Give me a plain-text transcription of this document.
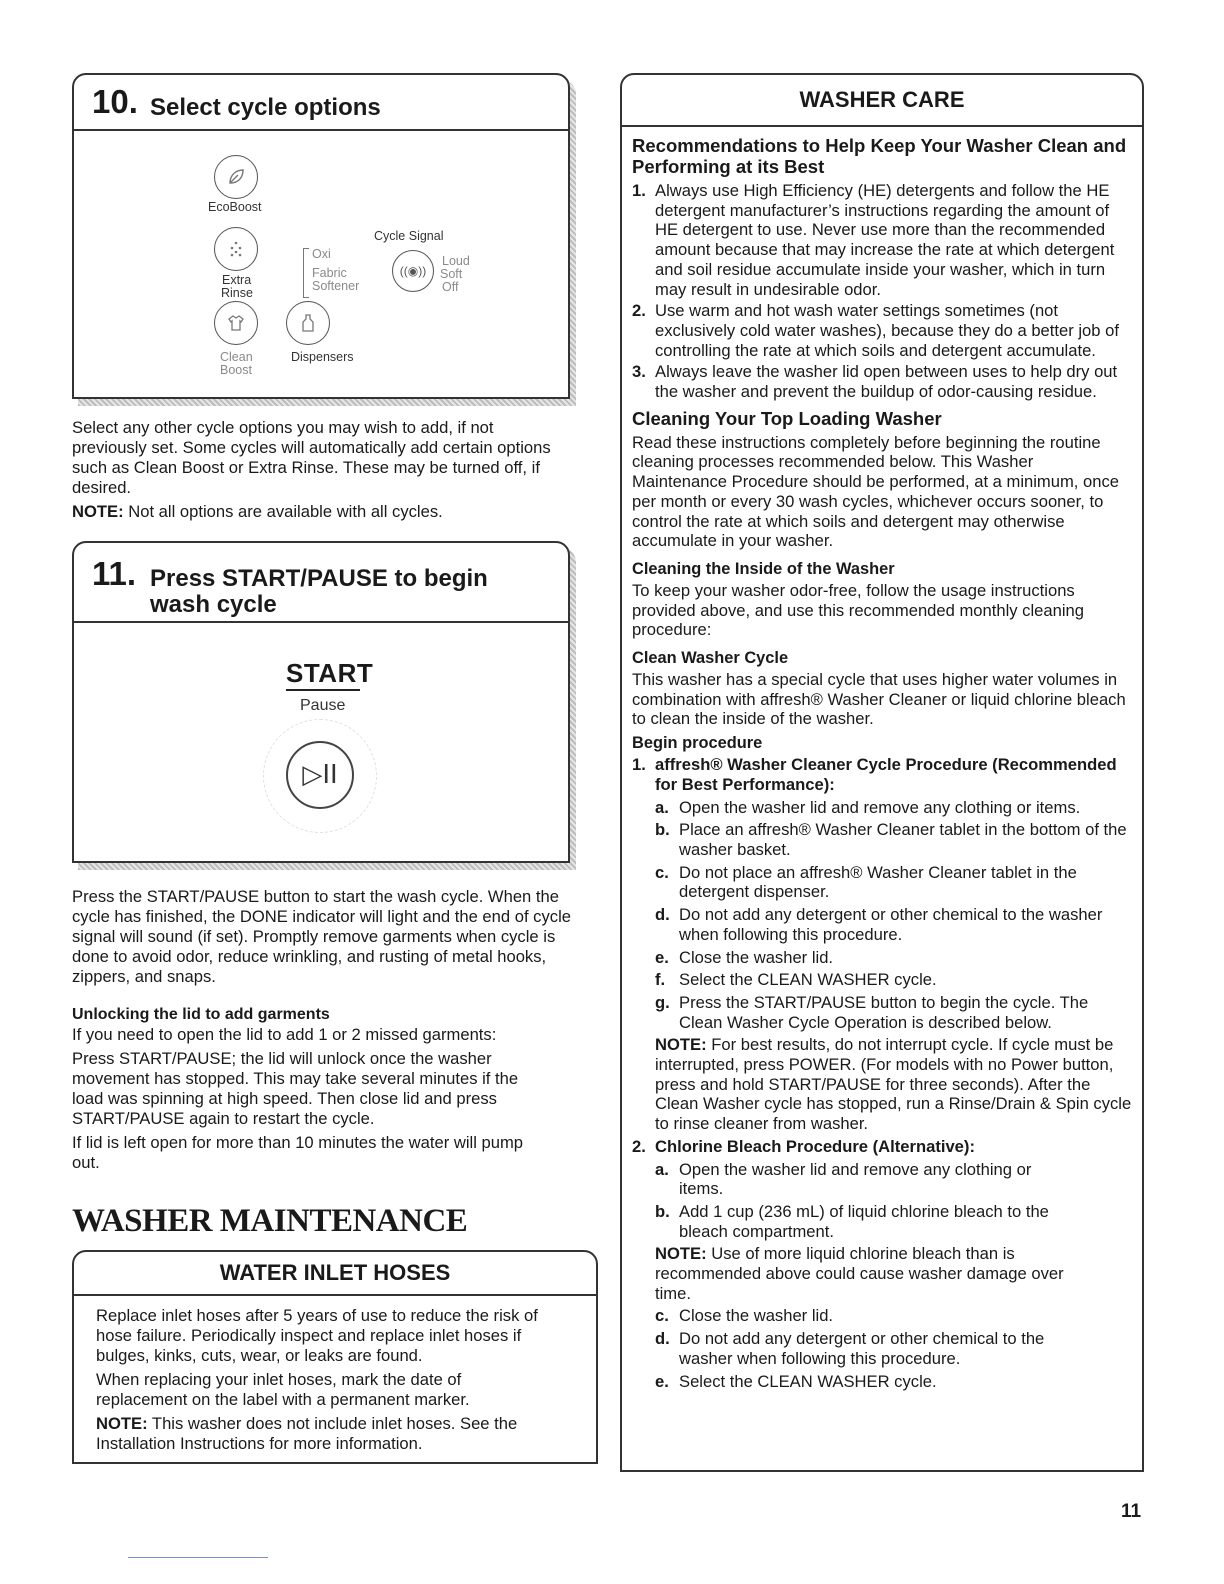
10. Select cycle options
EcoBoost
Extra
Rinse
Clean
Boost
Dispensers
Oxi
Fabric
Softener
Cycle Signal
((◉))
Loud
Soft
Off

Select any other cycle options you may wish to add, if not previously set. Some cycles will automatically add certain options such as Clean Boost or Extra Rinse. These may be turned off, if desired.

NOTE: Not all options are available with all cycles.

11. Press START/PAUSE to begin
wash cycle
START
Pause
▷II

Press the START/PAUSE button to start the wash cycle. When the cycle has finished, the DONE indicator will light and the end of cycle signal will sound (if set). Promptly remove garments when cycle is done to avoid odor, reduce wrinkling, and rusting of metal hooks, zippers, and snaps.

Unlocking the lid to add garments

If you need to open the lid to add 1 or 2 missed garments:

Press START/PAUSE; the lid will unlock once the washer movement has stopped. This may take several minutes if the load was spinning at high speed. Then close lid and press START/PAUSE again to restart the cycle.

If lid is left open for more than 10 minutes the water will pump out.

WASHER MAINTENANCE
WATER INLET HOSES

Replace inlet hoses after 5 years of use to reduce the risk of hose failure. Periodically inspect and replace inlet hoses if bulges, kinks, cuts, wear, or leaks are found.

When replacing your inlet hoses, mark the date of replacement on the label with a permanent marker.

NOTE: This washer does not include inlet hoses. See the Installation Instructions for more information.

WASHER CARE
Recommendations to Help Keep Your Washer Clean and Performing at its Best
1. Always use High Efficiency (HE) detergents and follow the HE detergent manufacturer’s instructions regarding the amount of HE detergent to use. Never use more than the recommended amount because that may increase the rate at which detergent and soil residue accumulate inside your washer, which in turn may result in undesirable odor.
2. Use warm and hot wash water settings sometimes (not exclusively cold water washes), because they do a better job of controlling the rate at which soils and detergent accumulate.
3. Always leave the washer lid open between uses to help dry out the washer and prevent the buildup of odor-causing residue.
Cleaning Your Top Loading Washer
Read these instructions completely before beginning the routine cleaning processes recommended below. This Washer Maintenance Procedure should be performed, at a minimum, once per month or every 30 wash cycles, whichever occurs sooner, to control the rate at which soils and detergent may otherwise accumulate in your washer.
Cleaning the Inside of the Washer
To keep your washer odor-free, follow the usage instructions provided above, and use this recommended monthly cleaning procedure:
Clean Washer Cycle
This washer has a special cycle that uses higher water volumes in combination with affresh® Washer Cleaner or liquid chlorine bleach to clean the inside of the washer.
Begin procedure
1. affresh® Washer Cleaner Cycle Procedure (Recommended for Best Performance):
a. Open the washer lid and remove any clothing or items.
b. Place an affresh® Washer Cleaner tablet in the bottom of the washer basket.
c. Do not place an affresh® Washer Cleaner tablet in the detergent dispenser.
d. Do not add any detergent or other chemical to the washer when following this procedure.
e. Close the washer lid.
f. Select the CLEAN WASHER cycle.
g. Press the START/PAUSE button to begin the cycle. The Clean Washer Cycle Operation is described below.
NOTE: For best results, do not interrupt cycle. If cycle must be interrupted, press POWER. (For models with no Power button, press and hold START/PAUSE for three seconds). After the Clean Washer cycle has stopped, run a Rinse/Drain & Spin cycle to rinse cleaner from washer.
2. Chlorine Bleach Procedure (Alternative):
a. Open the washer lid and remove any clothing or items.
b. Add 1 cup (236 mL) of liquid chlorine bleach to the bleach compartment.
NOTE: Use of more liquid chlorine bleach than is recommended above could cause washer damage over time.
c. Close the washer lid.
d. Do not add any detergent or other chemical to the washer when following this procedure.
e. Select the CLEAN WASHER cycle.
11
